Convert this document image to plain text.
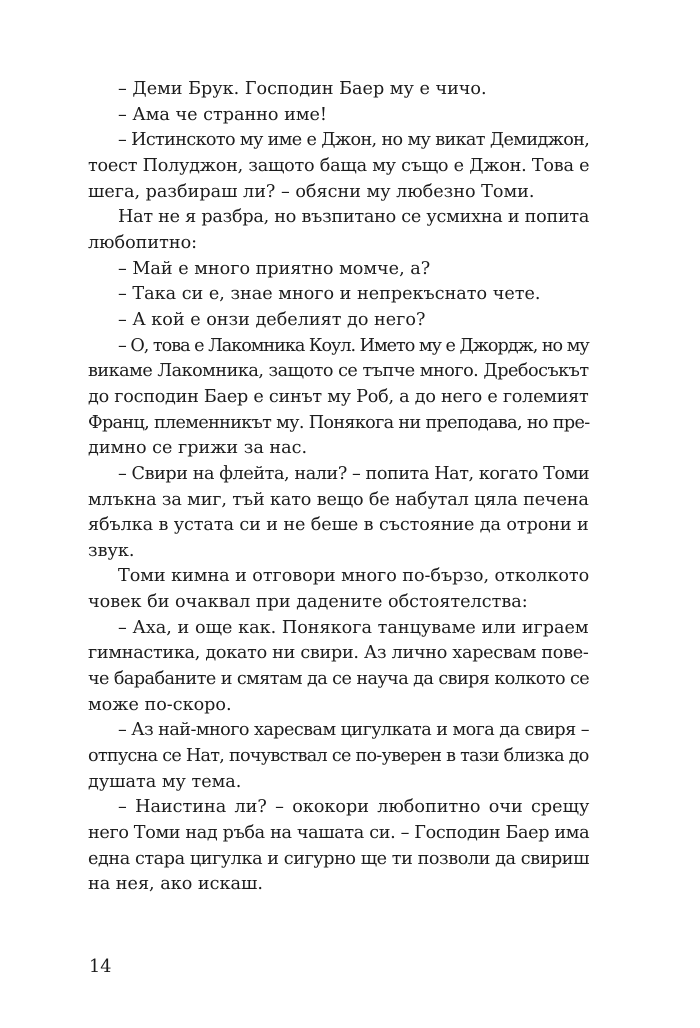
– Деми Брук. Господин Баер му е чичо.
– Ама че странно име!
– Истинското му име е Джон, но му викат Демиджон,
тоест Полуджон, защото баща му също е Джон. Това е
шега, разбираш ли? – обясни му любезно Томи.
Нат не я разбра, но възпитано се усмихна и попита
любопитно:
– Май е много приятно момче, а?
– Така си е, знае много и непрекъснато чете.
– А кой е онзи дебелият до него?
– О, това е Лакомника Коул. Името му е Джордж, но му
викаме Лакомника, защото се тъпче много. Дребосъкът
до господин Баер е синът му Роб, а до него е големият
Франц, племенникът му. Понякога ни преподава, но пре-
димно се грижи за нас.
– Свири на флейта, нали? – попита Нат, когато Томи
млъкна за миг, тъй като вещо бе набутал цяла печена
ябълка в устата си и не беше в състояние да отрони и
звук.
Томи кимна и отговори много по-бързо, отколкото
човек би очаквал при дадените обстоятелства:
– Аха, и още как. Понякога танцуваме или играем
гимнастика, докато ни свири. Аз лично харесвам пове-
че барабаните и смятам да се науча да свиря колкото се
може по-скоро.
– Аз най-много харесвам цигулката и мога да свиря –
отпусна се Нат, почувствал се по-уверен в тази близка до
душата му тема.
– Наистина ли? – ококори любопитно очи срещу
него Томи над ръба на чашата си. – Господин Баер има
една стара цигулка и сигурно ще ти позволи да свириш
на нея, ако искаш.
14
